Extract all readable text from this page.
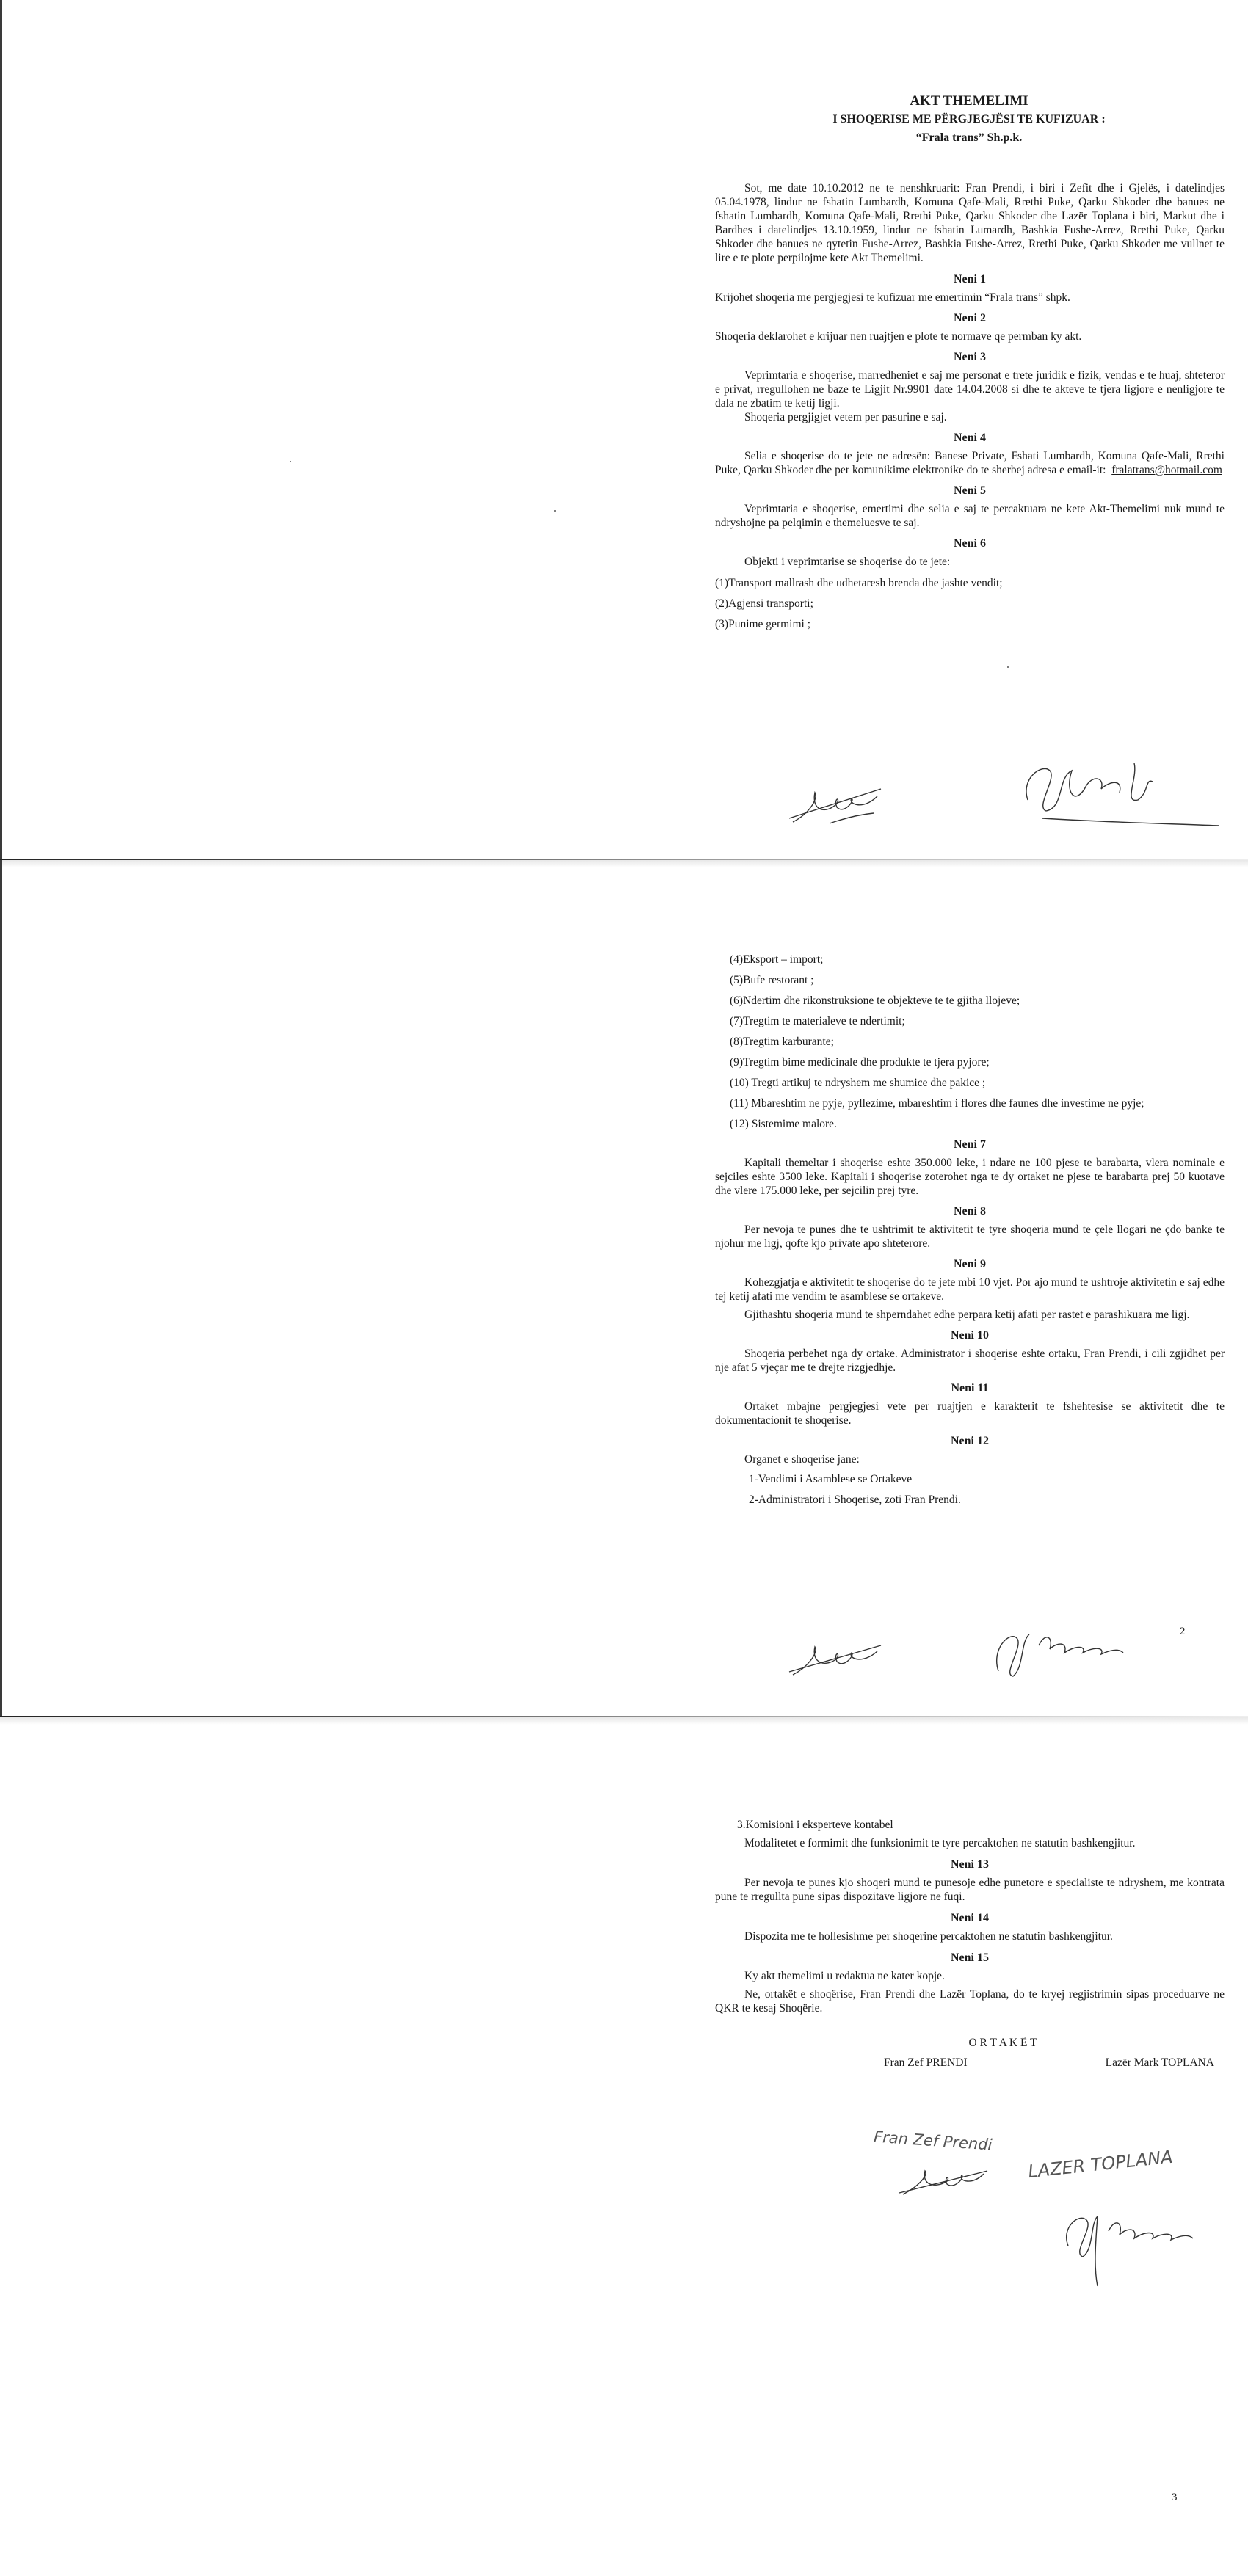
AKT THEMELIMI
I SHOQERISE ME PËRGJEGJËSI TE KUFIZUAR :
“Frala trans” Sh.p.k.

Sot, me date 10.10.2012 ne te nenshkruarit: Fran Prendi, i biri i Zefit dhe i Gjelës, i datelindjes 05.04.1978, lindur ne fshatin Lumbardh, Komuna Qafe-Mali, Rrethi Puke, Qarku Shkoder dhe banues ne fshatin Lumbardh, Komuna Qafe-Mali, Rrethi Puke, Qarku Shkoder dhe Lazër Toplana i biri, Markut dhe i Bardhes i datelindjes 13.10.1959, lindur ne fshatin Lumardh, Bashkia Fushe-Arrez, Rrethi Puke, Qarku Shkoder dhe banues ne qytetin Fushe-Arrez, Bashkia Fushe-Arrez, Rrethi Puke, Qarku Shkoder me vullnet te lire e te plote perpilojme kete Akt Themelimi.

Neni 1

Krijohet shoqeria me pergjegjesi te kufizuar me emertimin “Frala trans” shpk.

Neni 2

Shoqeria deklarohet e krijuar nen ruajtjen e plote te normave qe permban ky akt.

Neni 3

Veprimtaria e shoqerise, marredheniet e saj me personat e trete juridik e fizik, vendas e te huaj, shteteror e privat, rregullohen ne baze te Ligjit Nr.9901 date 14.04.2008 si dhe te akteve te tjera ligjore e nenligjore te dala ne zbatim te ketij ligji.

Shoqeria pergjigjet vetem per pasurine e saj.

Neni 4

Selia e shoqerise do te jete ne adresën: Banese Private, Fshati Lumbardh, Komuna Qafe-Mali, Rrethi Puke, Qarku Shkoder dhe per komunikime elektronike do te sherbej adresa e email-it: fralatrans@hotmail.com

Neni 5

Veprimtaria e shoqerise, emertimi dhe selia e saj te percaktuara ne kete Akt-Themelimi nuk mund te ndryshojne pa pelqimin e themeluesve te saj.

Neni 6

Objekti i veprimtarise se shoqerise do te jete:

(1)Transport mallrash dhe udhetaresh brenda dhe jashte vendit;
(2)Agjensi transporti;
(3)Punime germimi ;
(4)Eksport – import;
(5)Bufe restorant ;
(6)Ndertim dhe rikonstruksione te objekteve te te gjitha llojeve;
(7)Tregtim te materialeve te ndertimit;
(8)Tregtim karburante;
(9)Tregtim bime medicinale dhe produkte te tjera pyjore;
(10) Tregti artikuj te ndryshem me shumice dhe pakice ;
(11) Mbareshtim ne pyje, pyllezime, mbareshtim i flores dhe faunes dhe investime ne pyje;
(12) Sistemime malore.
Neni 7

Kapitali themeltar i shoqerise eshte 350.000 leke, i ndare ne 100 pjese te barabarta, vlera nominale e sejciles eshte 3500 leke. Kapitali i shoqerise zoterohet nga te dy ortaket ne pjese te barabarta prej 50 kuotave dhe vlere 175.000 leke, per sejcilin prej tyre.

Neni 8

Per nevoja te punes dhe te ushtrimit te aktivitetit te tyre shoqeria mund te çele llogari ne çdo banke te njohur me ligj, qofte kjo private apo shteterore.

Neni 9

Kohezgjatja e aktivitetit te shoqerise do te jete mbi 10 vjet. Por ajo mund te ushtroje aktivitetin e saj edhe tej ketij afati me vendim te asamblese se ortakeve.

Gjithashtu shoqeria mund te shperndahet edhe perpara ketij afati per rastet e parashikuara me ligj.

Neni 10

Shoqeria perbehet nga dy ortake. Administrator i shoqerise eshte ortaku, Fran Prendi, i cili zgjidhet per nje afat 5 vjeçar me te drejte rizgjedhje.

Neni 11

Ortaket mbajne pergjegjesi vete per ruajtjen e karakterit te fshehtesise se aktivitetit dhe te dokumentacionit te shoqerise.

Neni 12

Organet e shoqerise jane:

1-Vendimi i Asamblese se Ortakeve
2-Administratori i Shoqerise, zoti Fran Prendi.
2
3.Komisioni i eksperteve kontabel

Modalitetet e formimit dhe funksionimit te tyre percaktohen ne statutin bashkengjitur.

Neni 13

Per nevoja te punes kjo shoqeri mund te punesoje edhe punetore e specialiste te ndryshem, me kontrata pune te rregullta pune sipas dispozitave ligjore ne fuqi.

Neni 14

Dispozita me te hollesishme per shoqerine percaktohen ne statutin bashkengjitur.

Neni 15

Ky akt themelimi u redaktua ne kater kopje.

Ne, ortakët e shoqërise, Fran Prendi dhe Lazër Toplana, do te kryej regjistrimin sipas proceduarve ne QKR te kesaj Shoqërie.

O R T A K Ë T
Fran Zef PRENDI	Lazër Mark TOPLANA
Fran Zef Prendi
LAZER TOPLANA
3
